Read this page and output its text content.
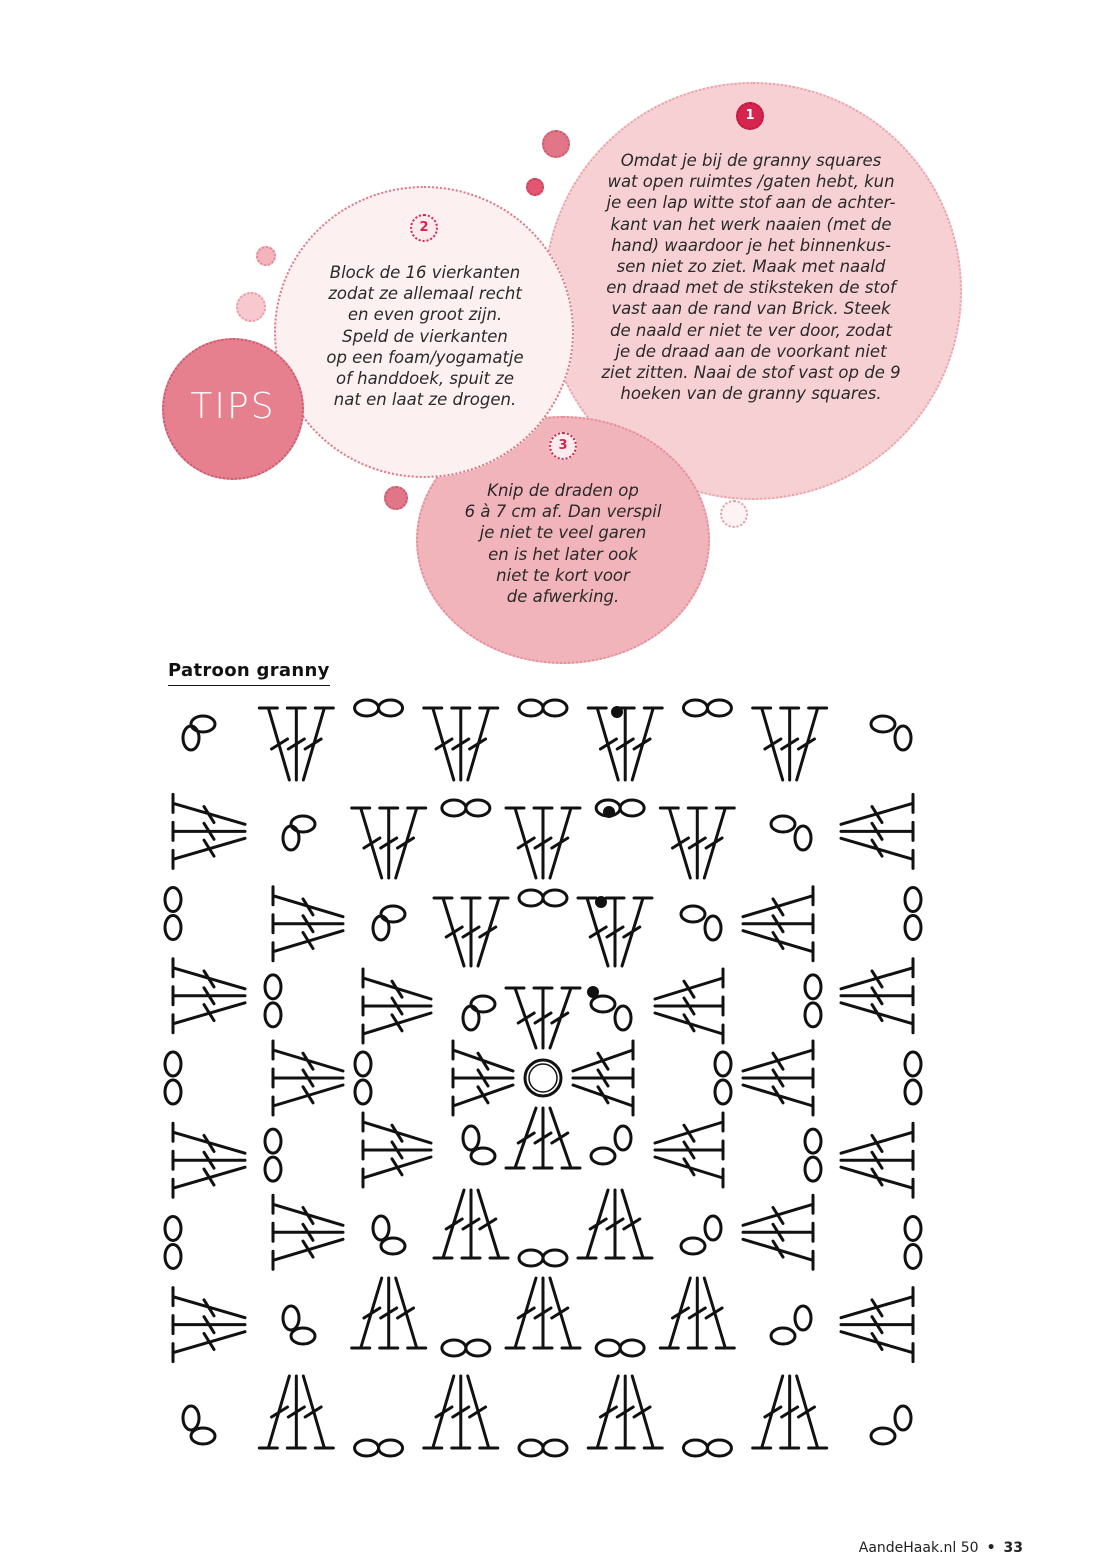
TIPS
1
2
3
Omdat je bij de granny squares
wat open ruimtes /gaten hebt, kun
je een lap witte stof aan de achter-
kant van het werk naaien (met de
hand) waardoor je het binnenkus-
sen niet zo ziet. Maak met naald
en draad met de stiksteken de stof
vast aan de rand van Brick. Steek
de naald er niet te ver door, zodat
je de draad aan de voorkant niet
ziet zitten. Naai de stof vast op de 9
hoeken van de granny squares.
Block de 16 vierkanten
zodat ze allemaal recht
en even groot zijn.
Speld de vierkanten
op een foam/yogamatje
of handdoek, spuit ze
nat en laat ze drogen.
Knip de draden op
6 à 7 cm af. Dan verspil
je niet te veel garen
en is het later ook
niet te kort voor
de afwerking.
Patroon granny
AandeHaak.nl 50 • 33
